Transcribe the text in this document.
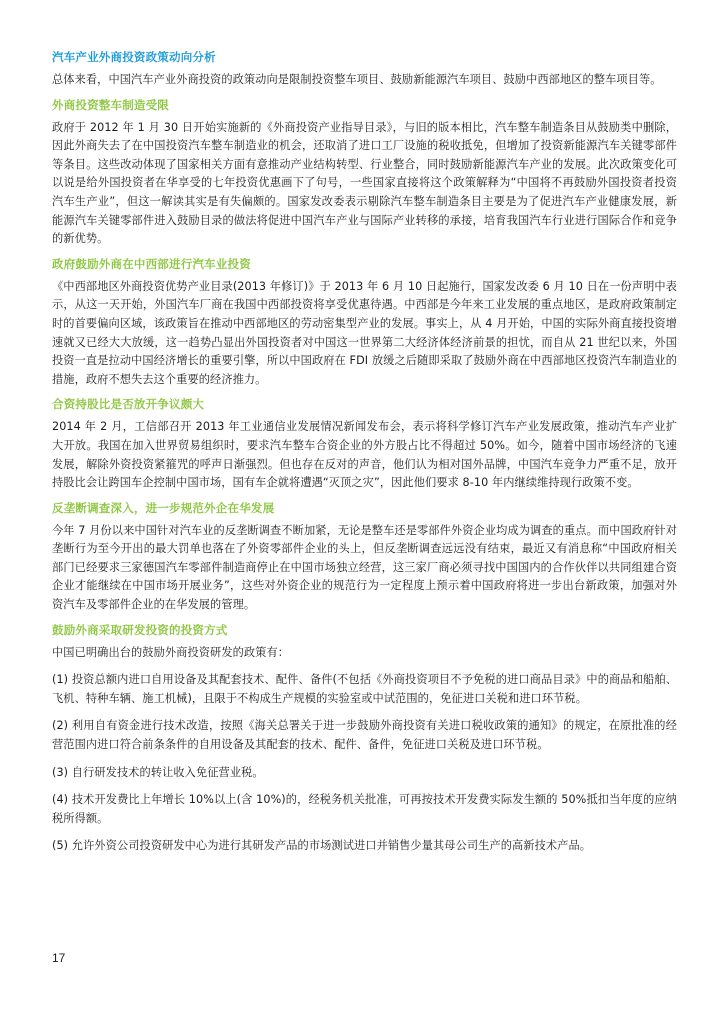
汽车产业外商投资政策动向分析
总体来看，中国汽车产业外商投资的政策动向是限制投资整车项目、鼓励新能源汽车项目、鼓励中西部地区的整车项目等。
外商投资整车制造受限
政府于 2012 年 1 月 30 日开始实施新的《外商投资产业指导目录》，与旧的版本相比，汽车整车制造条目从鼓励类中删除，因此外商失去了在中国投资汽车整车制造业的机会，还取消了进口工厂设施的税收抵免，但增加了投资新能源汽车关键零部件等条目。这些改动体现了国家相关方面有意推动产业结构转型、行业整合，同时鼓励新能源汽车产业的发展。此次政策变化可以说是给外国投资者在华享受的七年投资优惠画下了句号，一些国家直接将这个政策解释为“中国将不再鼓励外国投资者投资汽车生产业”，但这一解读其实是有失偏颇的。国家发改委表示剔除汽车整车制造条目主要是为了促进汽车产业健康发展，新能源汽车关键零部件进入鼓励目录的做法将促进中国汽车产业与国际产业转移的承接，培育我国汽车行业进行国际合作和竞争的新优势。
政府鼓励外商在中西部进行汽车业投资
《中西部地区外商投资优势产业目录(2013 年修订)》于 2013 年 6 月 10 日起施行，国家发改委 6 月 10 日在一份声明中表示，从这一天开始，外国汽车厂商在我国中西部投资将享受优惠待遇。中西部是今年来工业发展的重点地区，是政府政策制定时的首要偏向区域，该政策旨在推动中西部地区的劳动密集型产业的发展。事实上，从 4 月开始，中国的实际外商直接投资增速就又已经大大放缓，这一趋势凸显出外国投资者对中国这一世界第二大经济体经济前景的担忧，而自从 21 世纪以来，外国投资一直是拉动中国经济增长的重要引擎，所以中国政府在 FDI 放缓之后随即采取了鼓励外商在中西部地区投资汽车制造业的措施，政府不想失去这个重要的经济推力。
合资持股比是否放开争议颇大
2014 年 2 月，工信部召开 2013 年工业通信业发展情况新闻发布会，表示将科学修订汽车产业发展政策，推动汽车产业扩大开放。我国在加入世界贸易组织时，要求汽车整车合资企业的外方股占比不得超过 50%。如今，随着中国市场经济的飞速发展，解除外资投资紧箍咒的呼声日渐强烈。但也存在反对的声音，他们认为相对国外品牌，中国汽车竞争力严重不足，放开持股比会让跨国车企控制中国市场，国有车企就将遭遇“灭顶之灾”，因此他们要求 8-10 年内继续维持现行政策不变。
反垄断调查深入，进一步规范外企在华发展
今年 7 月份以来中国针对汽车业的反垄断调查不断加紧，无论是整车还是零部件外资企业均成为调查的重点。而中国政府针对垄断行为至今开出的最大罚单也落在了外资零部件企业的头上，但反垄断调查远远没有结束，最近又有消息称“中国政府相关部门已经要求三家德国汽车零部件制造商停止在中国市场独立经营，这三家厂商必须寻找中国国内的合作伙伴以共同组建合资企业才能继续在中国市场开展业务”，这些对外资企业的规范行为一定程度上预示着中国政府将进一步出台新政策，加强对外资汽车及零部件企业的在华发展的管理。
鼓励外商采取研发投资的投资方式
中国已明确出台的鼓励外商投资研发的政策有：
(1) 投资总额内进口自用设备及其配套技术、配件、备件(不包括《外商投资项目不予免税的进口商品目录》中的商品和船舶、飞机、特种车辆、施工机械)，且限于不构成生产规模的实验室或中试范围的，免征进口关税和进口环节税。
(2) 利用自有资金进行技术改造，按照《海关总署关于进一步鼓励外商投资有关进口税收政策的通知》的规定，在原批准的经营范围内进口符合前条条件的自用设备及其配套的技术、配件、备件，免征进口关税及进口环节税。
(3) 自行研发技术的转让收入免征营业税。
(4) 技术开发费比上年增长 10%以上(含 10%)的，经税务机关批准，可再按技术开发费实际发生额的 50%抵扣当年度的应纳税所得额。
(5) 允许外资公司投资研发中心为进行其研发产品的市场测试进口并销售少量其母公司生产的高新技术产品。
17
